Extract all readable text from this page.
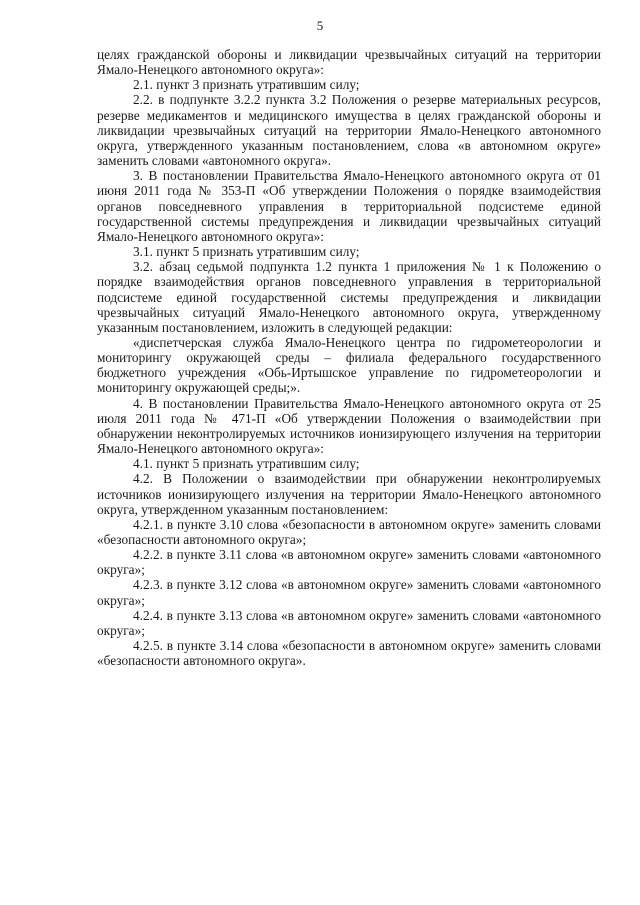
5

целях гражданской обороны и ликвидации чрезвычайных ситуаций на территории Ямало-Ненецкого автономного округа»:

2.1. пункт 3 признать утратившим силу;

2.2. в подпункте 3.2.2 пункта 3.2 Положения о резерве материальных ресурсов, резерве медикаментов и медицинского имущества в целях гражданской обороны и ликвидации чрезвычайных ситуаций на территории Ямало-Ненецкого автономного округа, утвержденного указанным постановлением, слова «в автономном округе» заменить словами «автономного округа».

3. В постановлении Правительства Ямало-Ненецкого автономного округа от 01 июня 2011 года № 353-П «Об утверждении Положения о порядке взаимодействия органов повседневного управления в территориальной подсистеме единой государственной системы предупреждения и ликвидации чрезвычайных ситуаций Ямало-Ненецкого автономного округа»:

3.1. пункт 5 признать утратившим силу;

3.2. абзац седьмой подпункта 1.2 пункта 1 приложения № 1 к Положению о порядке взаимодействия органов повседневного управления в территориальной подсистеме единой государственной системы предупреждения и ликвидации чрезвычайных ситуаций Ямало-Ненецкого автономного округа, утвержденному указанным постановлением, изложить в следующей редакции:

«диспетчерская служба Ямало-Ненецкого центра по гидрометеорологии и мониторингу окружающей среды – филиала федерального государственного бюджетного учреждения «Обь-Иртышское управление по гидрометеорологии и мониторингу окружающей среды;».

4. В постановлении Правительства Ямало-Ненецкого автономного округа от 25 июля 2011 года № 471-П «Об утверждении Положения о взаимодействии при обнаружении неконтролируемых источников ионизирующего излучения на территории Ямало-Ненецкого автономного округа»:

4.1. пункт 5 признать утратившим силу;

4.2. В Положении о взаимодействии при обнаружении неконтролируемых источников ионизирующего излучения на территории Ямало-Ненецкого автономного округа, утвержденном указанным постановлением:

4.2.1. в пункте 3.10 слова «безопасности в автономном округе» заменить словами «безопасности автономного округа»;

4.2.2. в пункте 3.11 слова «в автономном округе» заменить словами «автономного округа»;

4.2.3. в пункте 3.12 слова «в автономном округе» заменить словами «автономного округа»;

4.2.4. в пункте 3.13 слова «в автономном округе» заменить словами «автономного округа»;

4.2.5. в пункте 3.14 слова «безопасности в автономном округе» заменить словами «безопасности автономного округа».
